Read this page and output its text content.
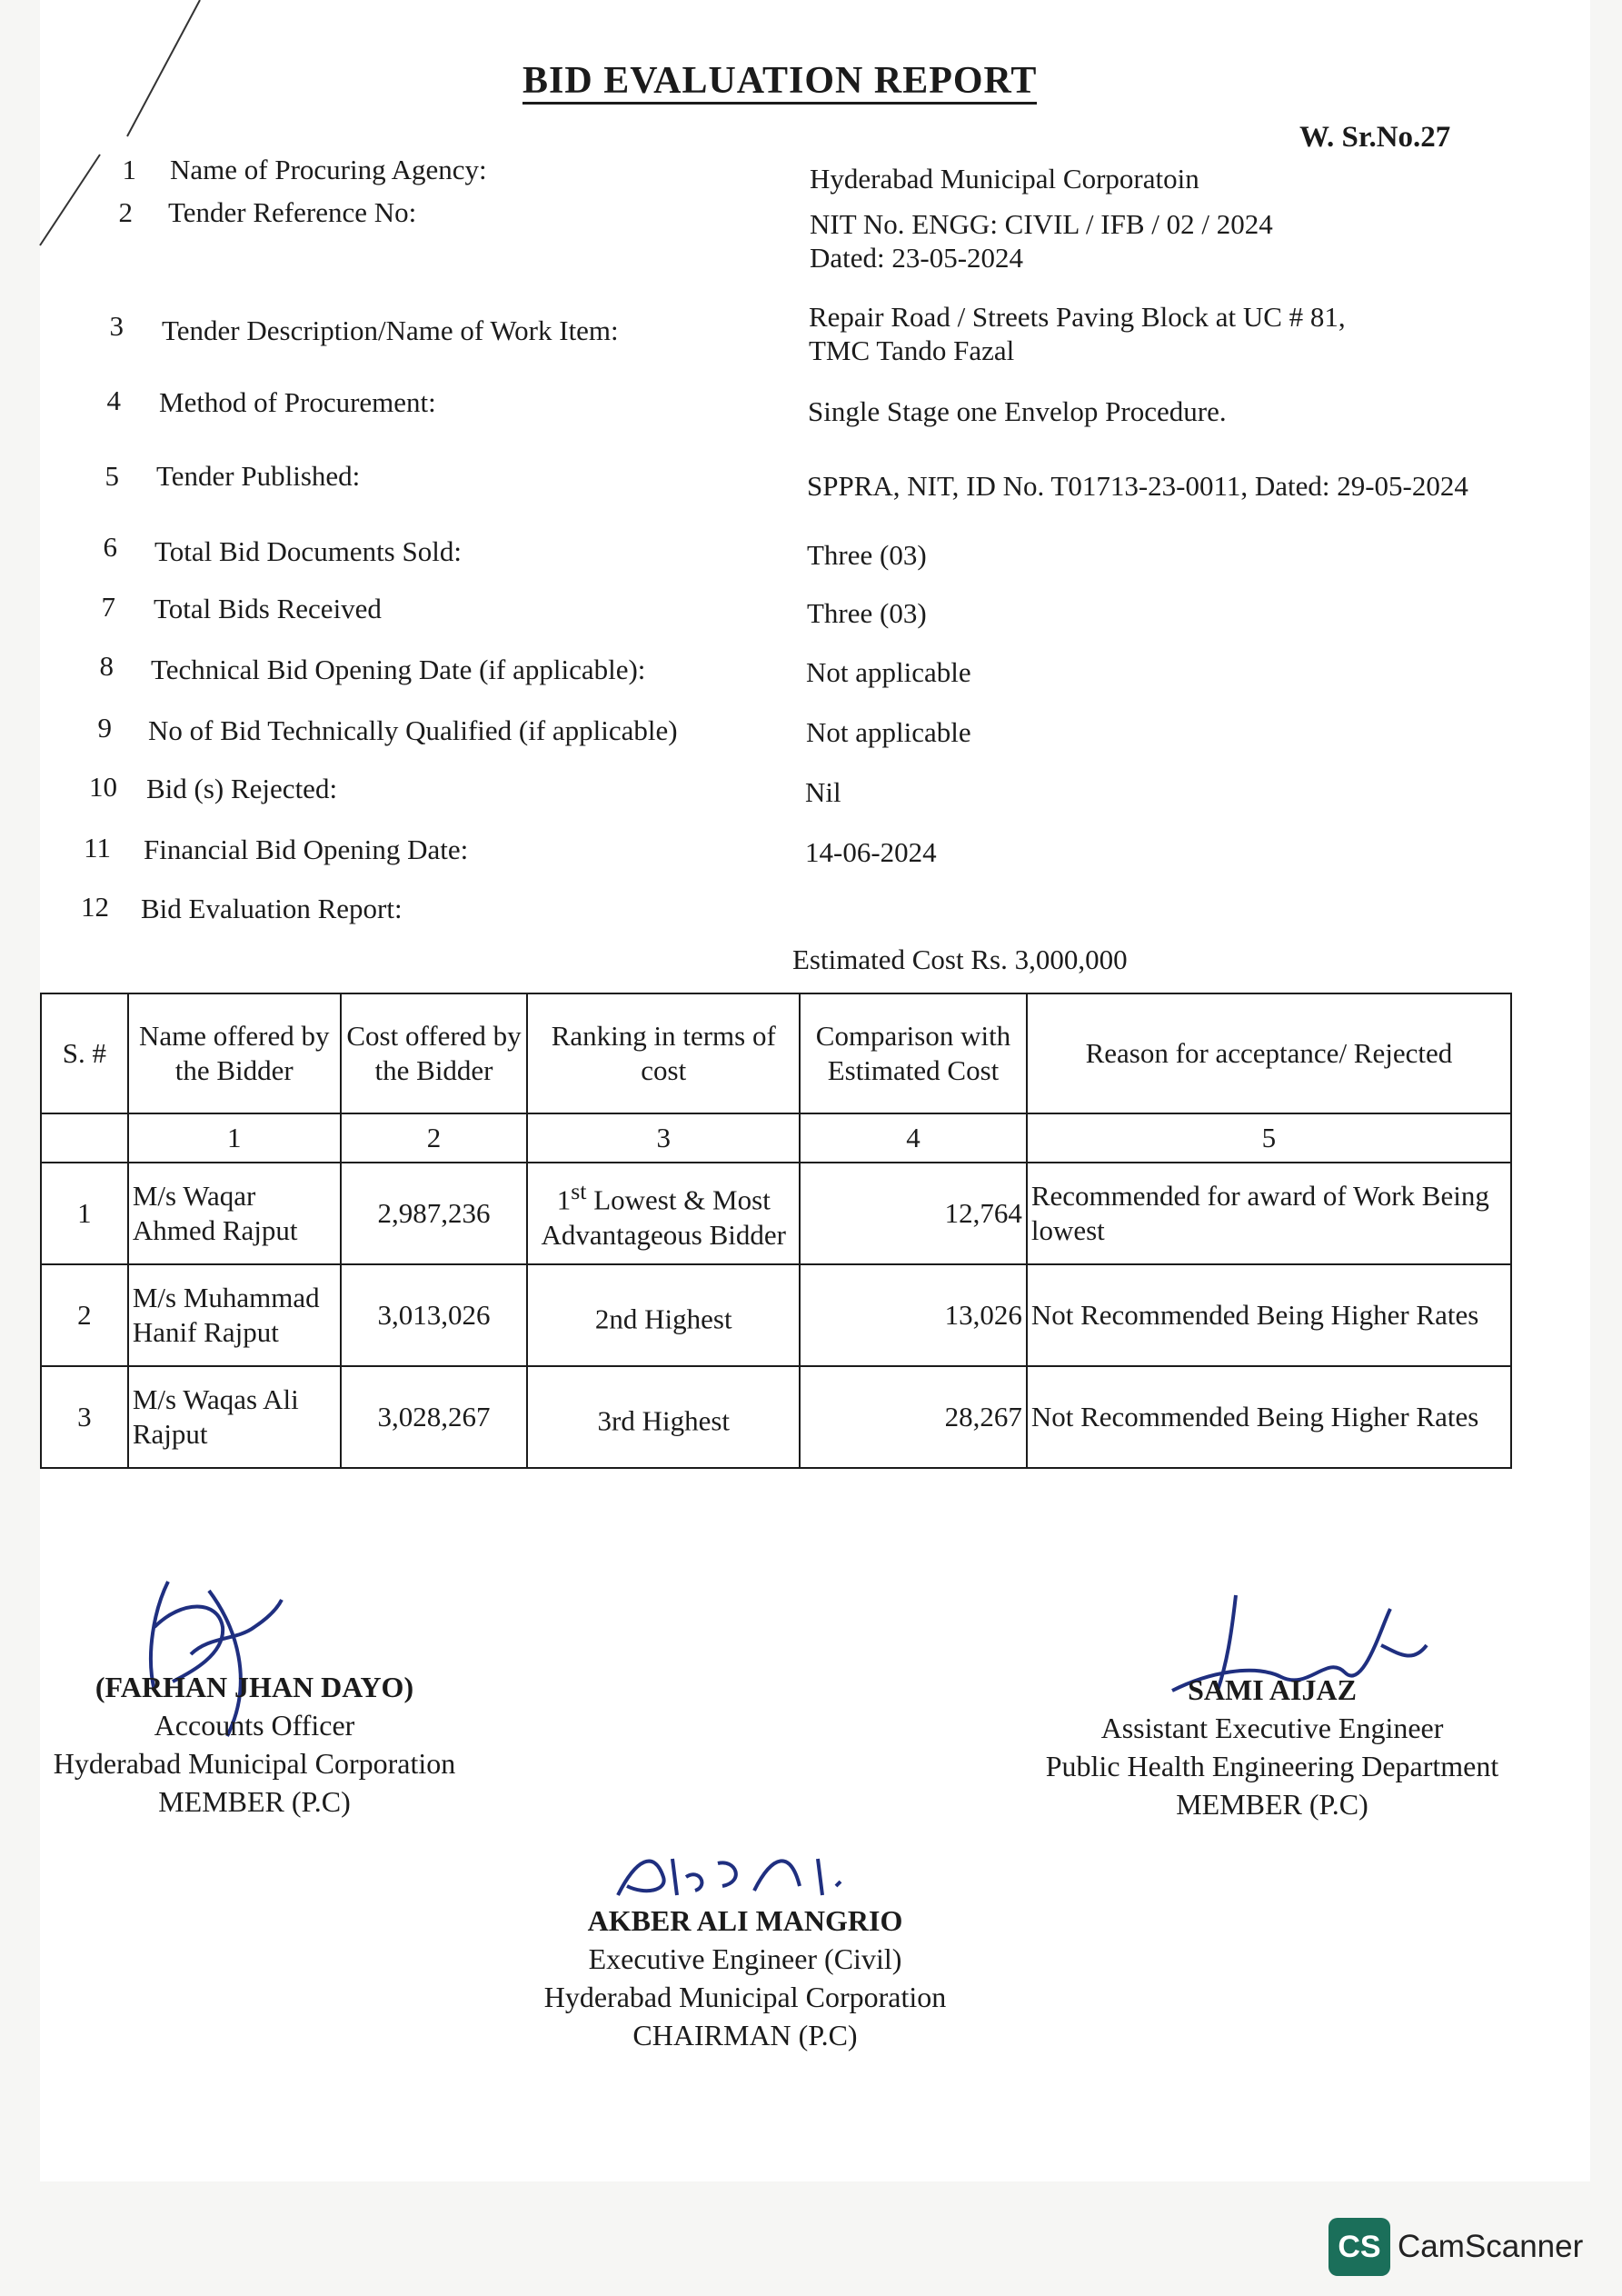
BID EVALUATION REPORT
W. Sr.No.27
1 Name of Procuring Agency:	Hyderabad Municipal Corporatoin
2 Tender Reference No:	NIT No. ENGG: CIVIL / IFB / 02 / 2024
Dated: 23-05-2024
3 Tender Description/Name of Work Item:	Repair Road / Streets Paving Block at UC # 81,
TMC Tando Fazal
4 Method of Procurement:	Single Stage one Envelop Procedure.
5 Tender Published:	SPPRA, NIT, ID No. T01713-23-0011, Dated: 29-05-2024
6 Total Bid Documents Sold:	Three (03)
7 Total Bids Received	Three (03)
8 Technical Bid Opening Date (if applicable):	Not applicable
9 No of Bid Technically Qualified (if applicable)	Not applicable
10 Bid (s) Rejected:	Nil
11 Financial Bid Opening Date:	14-06-2024
12 Bid Evaluation Report:
Estimated Cost Rs. 3,000,000
S. #	Name offered by the Bidder	Cost offered by the Bidder	Ranking in terms of cost	Comparison with Estimated Cost	Reason for acceptance/ Rejected
	1	2	3	4	5
1	M/s Waqar Ahmed Rajput	2,987,236	1st Lowest & Most Advantageous Bidder	12,764	Recommended for award of Work Being lowest
2	M/s Muhammad Hanif Rajput	3,013,026	2nd Highest	13,026	Not Recommended Being Higher Rates
3	M/s Waqas Ali Rajput	3,028,267	3rd Highest	28,267	Not Recommended Being Higher Rates
(FARHAN JHAN DAYO)
Accounts Officer
Hyderabad Municipal Corporation
MEMBER (P.C)
SAMI AIJAZ
Assistant Executive Engineer
Public Health Engineering Department
MEMBER (P.C)
AKBER ALI MANGRIO
Executive Engineer (Civil)
Hyderabad Municipal Corporation
CHAIRMAN (P.C)
CS CamScanner
